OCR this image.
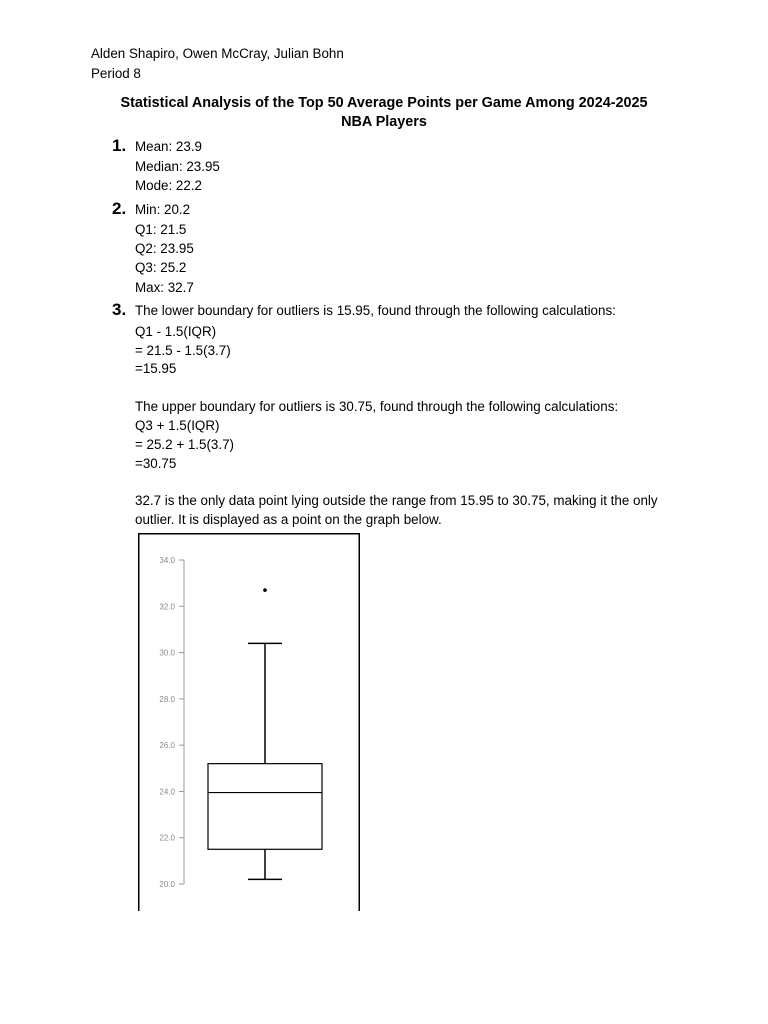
Alden Shapiro, Owen McCray, Julian Bohn
Period 8
Statistical Analysis of the Top 50 Average Points per Game Among 2024-2025
NBA Players
1. Mean: 23.9
Median: 23.95
Mode: 22.2
2. Min: 20.2
Q1: 21.5
Q2: 23.95
Q3: 25.2
Max: 32.7
3. The lower boundary for outliers is 15.95, found through the following calculations:
Q1 - 1.5(IQR)
= 21.5 - 1.5(3.7)
=15.95
The upper boundary for outliers is 30.75, found through the following calculations:
Q3 + 1.5(IQR)
= 25.2 + 1.5(3.7)
=30.75
32.7 is the only data point lying outside the range from 15.95 to 30.75, making it the only
outlier. It is displayed as a point on the graph below.
20.0
22.0
24.0
26.0
28.0
30.0
32.0
34.0
